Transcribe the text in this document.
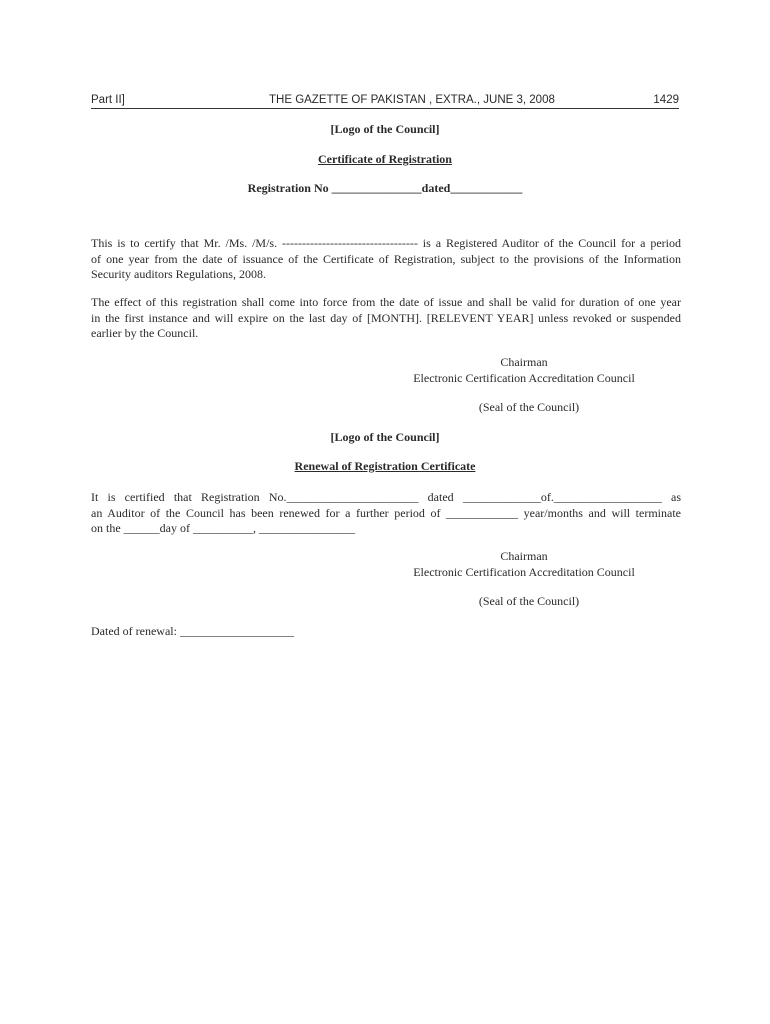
Part II]	THE GAZETTE OF PAKISTAN , EXTRA., JUNE 3, 2008	1429
[Logo of the Council]
Certificate of Registration
Registration No _______________dated____________
This is to certify that Mr. /Ms. /M/s. ---------------------------------- is a Registered Auditor of the Council for a period
of one year from the date of issuance of the Certificate of Registration, subject to the provisions of the Information
Security auditors Regulations, 2008.
The effect of this registration shall come into force from the date of issue and shall be valid for duration of one year
in the first instance and will expire on the last day of [MONTH]. [RELEVENT YEAR] unless revoked or suspended
earlier by the Council.
Chairman
Electronic Certification Accreditation Council
(Seal of the Council)
[Logo of the Council]
Renewal of Registration Certificate
It is certified that Registration No.______________________ dated _____________of.__________________ as
an Auditor of the Council has been renewed for a further period of ____________ year/months and will terminate
on the ______day of __________, ________________
Chairman
Electronic Certification Accreditation Council
(Seal of the Council)
Dated of renewal: ___________________
